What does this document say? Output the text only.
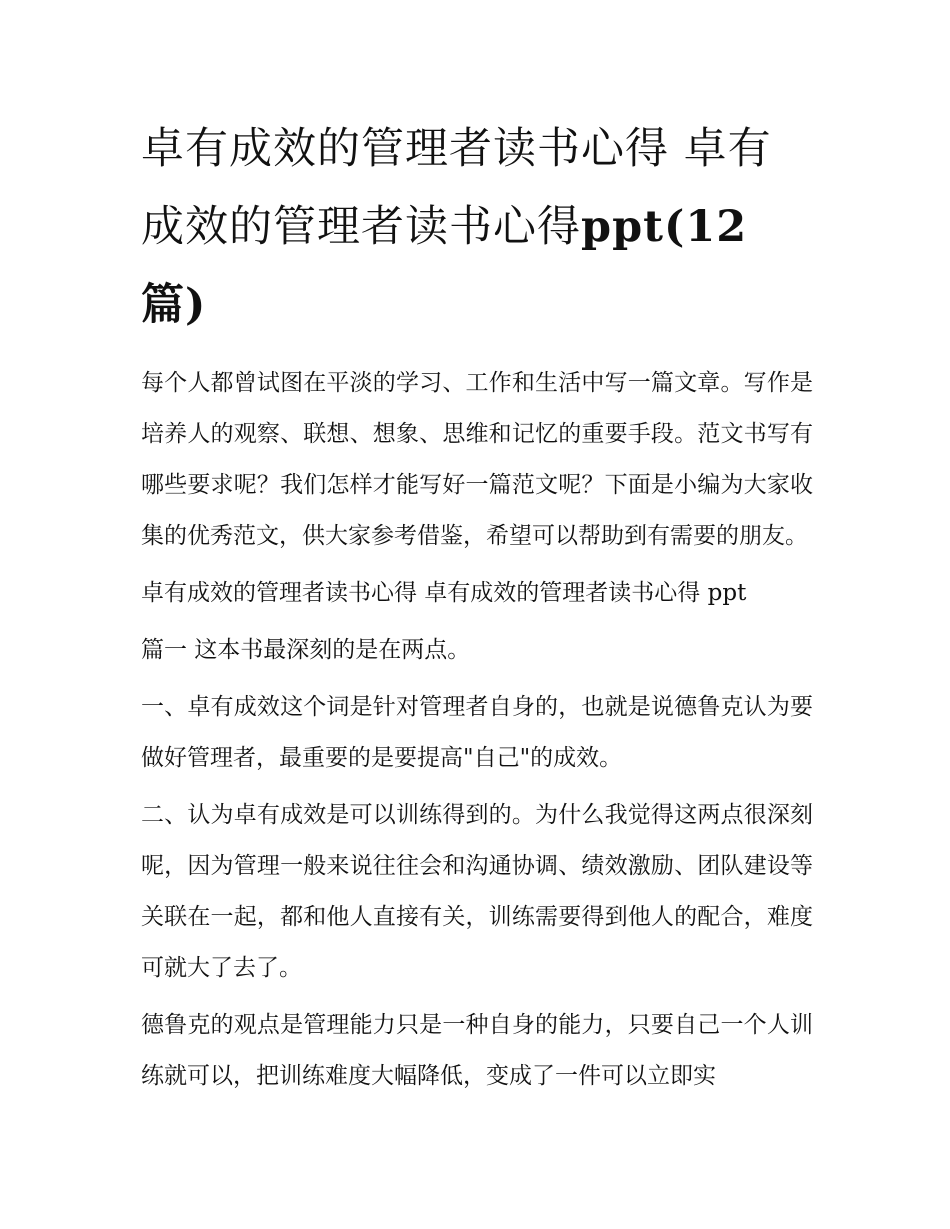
卓有成效的管理者读书心得 卓有成效的管理者读书心得ppt(12 篇)

每个人都曾试图在平淡的学习、工作和生活中写一篇文章。写作是培养人的观察、联想、想象、思维和记忆的重要手段。范文书写有哪些要求呢？我们怎样才能写好一篇范文呢？下面是小编为大家收集的优秀范文，供大家参考借鉴，希望可以帮助到有需要的朋友。

卓有成效的管理者读书心得 卓有成效的管理者读书心得 ppt

篇一 这本书最深刻的是在两点。

一、卓有成效这个词是针对管理者自身的，也就是说德鲁克认为要做好管理者，最重要的是要提高"自己"的成效。

二、认为卓有成效是可以训练得到的。为什么我觉得这两点很深刻呢，因为管理一般来说往往会和沟通协调、绩效激励、团队建设等关联在一起，都和他人直接有关，训练需要得到他人的配合，难度可就大了去了。

德鲁克的观点是管理能力只是一种自身的能力，只要自己一个人训练就可以，把训练难度大幅降低，变成了一件可以立即实
